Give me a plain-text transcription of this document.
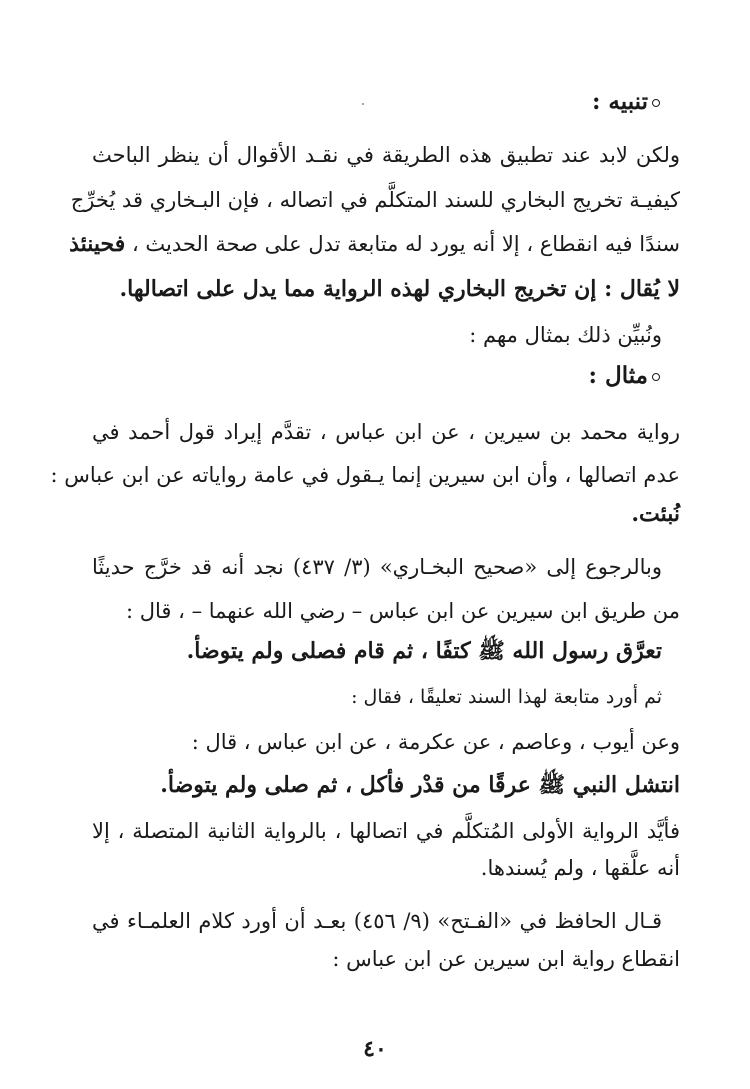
تنبيه :
ولكن لابد عند تطبيق هذه الطريقة في نقـد الأقوال أن ينظر الباحث
كيفيـة تخريج البخاري للسند المتكلَّم في اتصاله ، فإن البـخاري قد يُخرِّج
سندًا فيه انقطاع ، إلا أنه يورد له متابعة تدل على صحة الحديث ، فحينئذ
لا يُقال : إن تخريج البخاري لهذه الرواية مما يدل على اتصالها.
ونُبيِّن ذلك بمثال مهم :
مثال :
رواية محمد بن سيرين ، عن ابن عباس ، تقدَّم إيراد قول أحمد في
عدم اتصالها ، وأن ابن سيرين إنما يـقول في عامة رواياته عن ابن عباس :
نُبئت.
وبالرجوع إلى «صحيح البخـاري» (٣/ ٤٣٧) نجد أنه قد خرَّج حديثًا
من طريق ابن سيرين عن ابن عباس – رضي الله عنهما – ، قال :
تعرَّق رسول الله ﷺ كتفًا ، ثم قام فصلى ولم يتوضأ.
ثم أورد متابعة لهذا السند تعليقًا ، فقال :
وعن أيوب ، وعاصم ، عن عكرمة ، عن ابن عباس ، قال :
انتشل النبي ﷺ عرقًا من قدْر فأكل ، ثم صلى ولم يتوضأ.
فأيَّد الرواية الأولى المُتكلَّم في اتصالها ، بالرواية الثانية المتصلة ، إلا
أنه علَّقها ، ولم يُسندها.
قـال الحافظ في «الفـتح» (٩/ ٤٥٦) بعـد أن أورد كلام العلمـاء في
انقطاع رواية ابن سيرين عن ابن عباس :
٤٠
